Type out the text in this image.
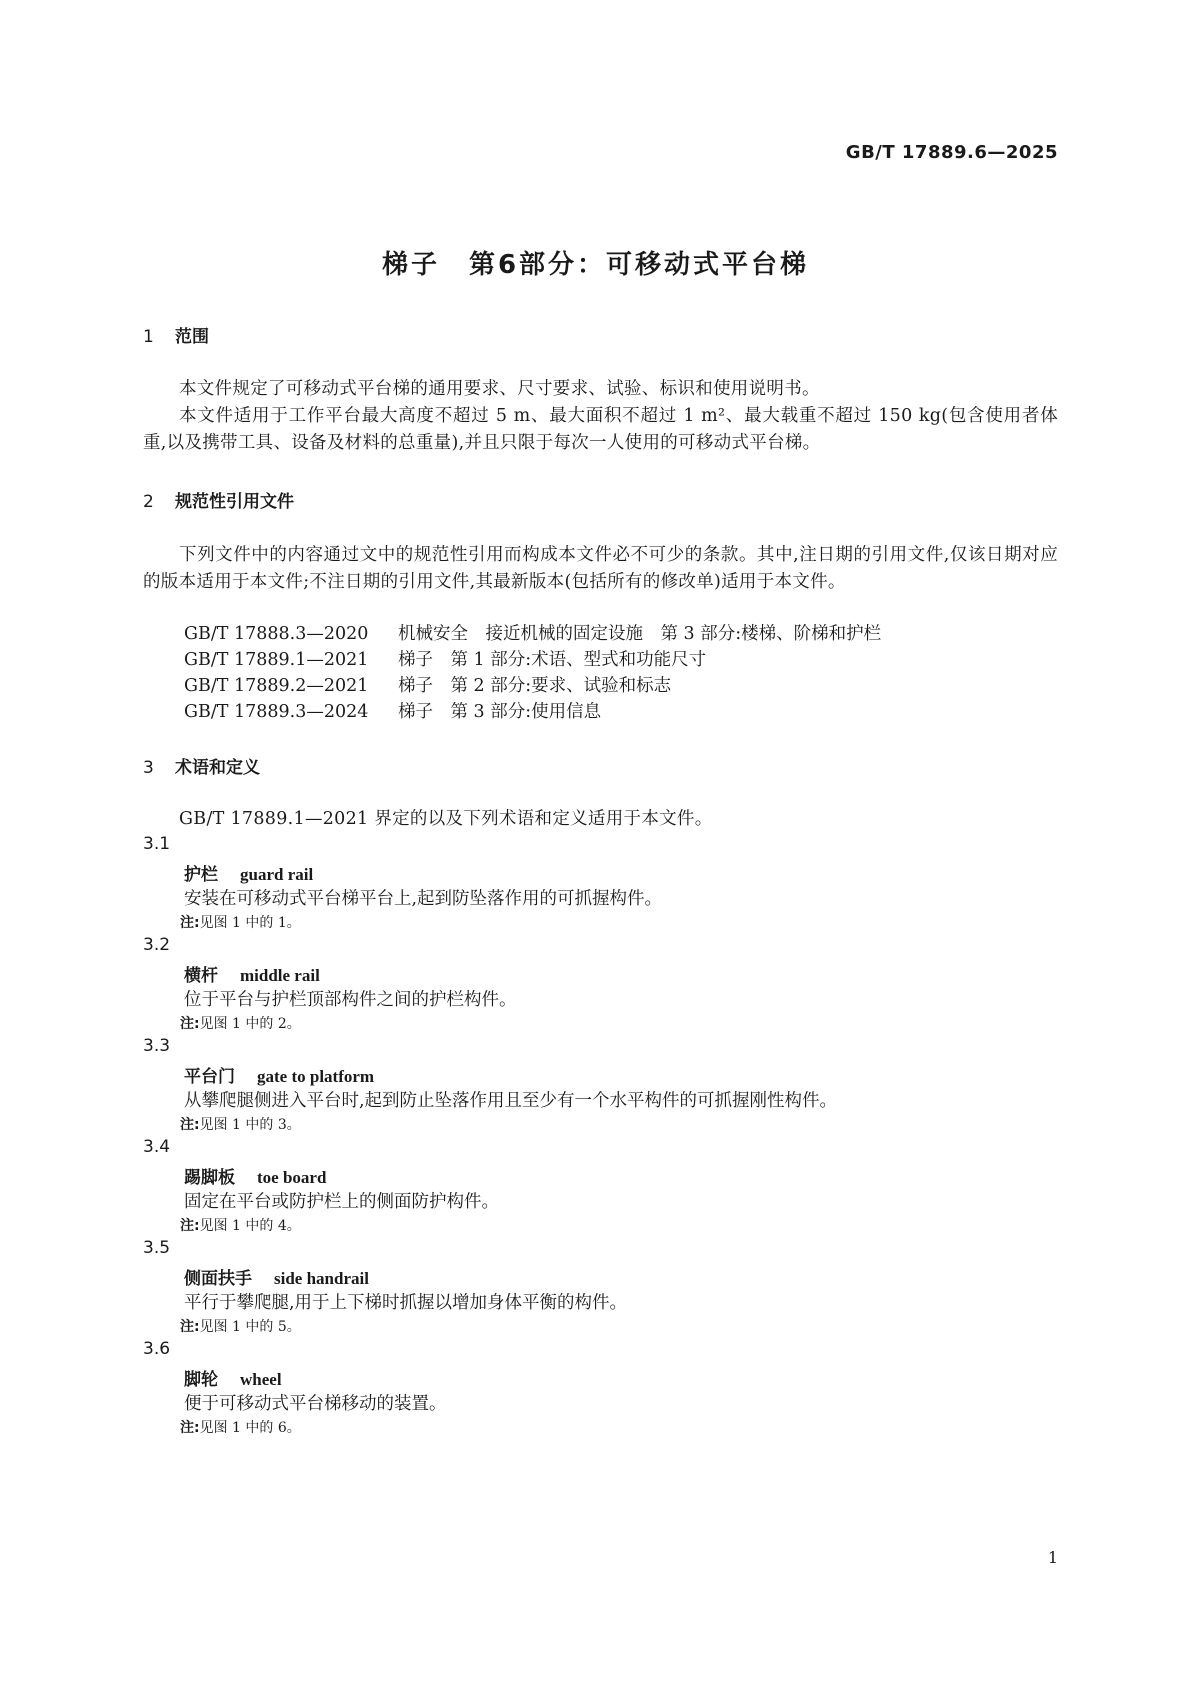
GB/T 17889.6—2025
梯子　第6部分：可移动式平台梯
1 范围
本文件规定了可移动式平台梯的通用要求、尺寸要求、试验、标识和使用说明书。
本文件适用于工作平台最大高度不超过 5 m、最大面积不超过 1 m²、最大载重不超过 150 kg(包含使用者体重,以及携带工具、设备及材料的总重量),并且只限于每次一人使用的可移动式平台梯。
2 规范性引用文件
下列文件中的内容通过文中的规范性引用而构成本文件必不可少的条款。其中,注日期的引用文件,仅该日期对应的版本适用于本文件;不注日期的引用文件,其最新版本(包括所有的修改单)适用于本文件。
GB/T 17888.3—2020 机械安全　接近机械的固定设施　第 3 部分:楼梯、阶梯和护栏
GB/T 17889.1—2021 梯子　第 1 部分:术语、型式和功能尺寸
GB/T 17889.2—2021 梯子　第 2 部分:要求、试验和标志
GB/T 17889.3—2024 梯子　第 3 部分:使用信息
3 术语和定义
GB/T 17889.1—2021 界定的以及下列术语和定义适用于本文件。
3.1
护栏 guard rail
安装在可移动式平台梯平台上,起到防坠落作用的可抓握构件。
注:见图 1 中的 1。
3.2
横杆 middle rail
位于平台与护栏顶部构件之间的护栏构件。
注:见图 1 中的 2。
3.3
平台门 gate to platform
从攀爬腿侧进入平台时,起到防止坠落作用且至少有一个水平构件的可抓握刚性构件。
注:见图 1 中的 3。
3.4
踢脚板 toe board
固定在平台或防护栏上的侧面防护构件。
注:见图 1 中的 4。
3.5
侧面扶手 side handrail
平行于攀爬腿,用于上下梯时抓握以增加身体平衡的构件。
注:见图 1 中的 5。
3.6
脚轮 wheel
便于可移动式平台梯移动的装置。
注:见图 1 中的 6。
1
